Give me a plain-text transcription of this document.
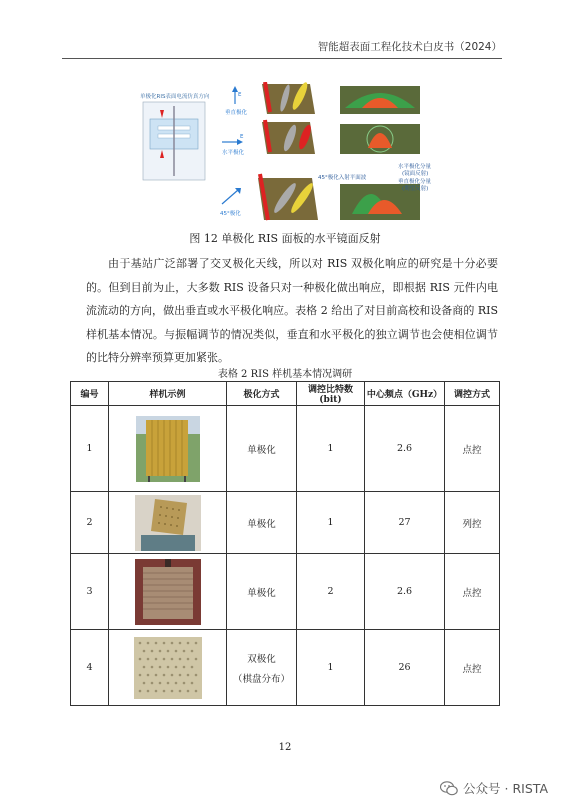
智能超表面工程化技术白皮书（2024）
单极化RIS表面电流仿真方向	E
垂直极化
E
水平极化
45°极化
45°极化入射平面波
水平极化分量
(镜面反射)
垂直极化分量
(期望反射)
图 12 单极化 RIS 面板的水平镜面反射

由于基站广泛部署了交叉极化天线，所以对 RIS 双极化响应的研究是十分必要的。但到目前为止，大多数 RIS 设备只对一种极化做出响应，即根据 RIS 元件内电流流动的方向，做出垂直或水平极化响应。表格 2 给出了对目前高校和设备商的 RIS 样机基本情况。与振幅调节的情况类似，垂直和水平极化的独立调节也会使相位调节的比特分辨率预算更加紧张。

表格 2 RIS 样机基本情况调研
编号	样机示例	极化方式	调控比特数(bit)	中心频点（GHz）	调控方式
1		单极化	1	2.6	点控
2		单极化	1	27	列控
3		单极化	2	2.6	点控
4		双极化
（棋盘分布）	1	26	点控
12
公众号 · RISTA
